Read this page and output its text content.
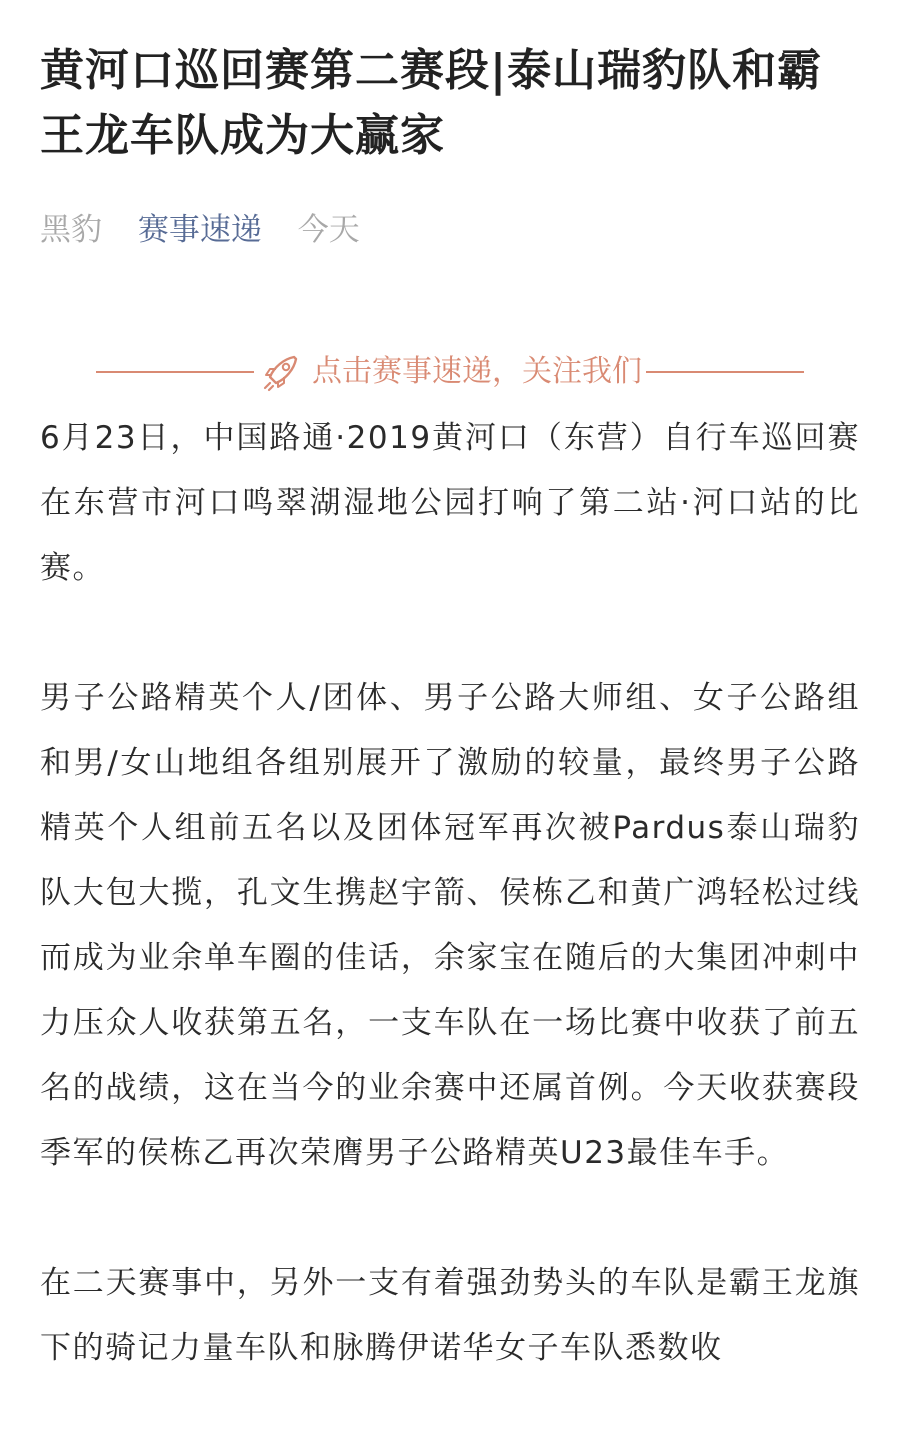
黄河口巡回赛第二赛段|泰山瑞豹队和霸王龙车队成为大赢家
黑豹 赛事速递 今天
点击赛事速递，关注我们

6月23日，中国路通·2019黄河口（东营）自行车巡回赛在东营市河口鸣翠湖湿地公园打响了第二站·河口站的比赛。

男子公路精英个人/团体、男子公路大师组、女子公路组和男/女山地组各组别展开了激励的较量，最终男子公路精英个人组前五名以及团体冠军再次被Pardus泰山瑞豹队大包大揽，孔文生携赵宇箭、侯栋乙和黄广鸿轻松过线而成为业余单车圈的佳话，余家宝在随后的大集团冲刺中力压众人收获第五名，一支车队在一场比赛中收获了前五名的战绩，这在当今的业余赛中还属首例。今天收获赛段季军的侯栋乙再次荣膺男子公路精英U23最佳车手。

在二天赛事中，另外一支有着强劲势头的车队是霸王龙旗下的骑记力量车队和脉腾伊诺华女子车队悉数收
